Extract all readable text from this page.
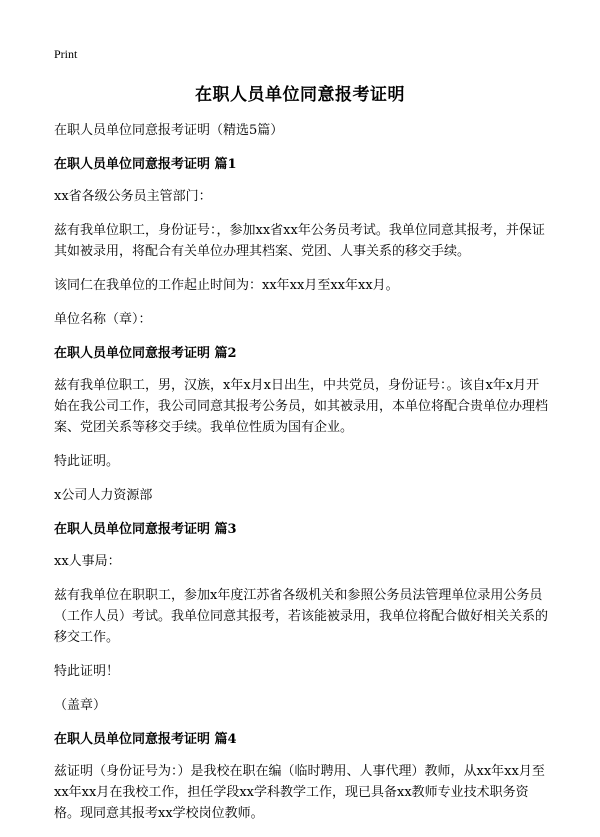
Print
在职人员单位同意报考证明
在职人员单位同意报考证明（精选5篇）
在职人员单位同意报考证明 篇1
xx省各级公务员主管部门：
兹有我单位职工，身份证号：，参加xx省xx年公务员考试。我单位同意其报考，并保证其如被录用，将配合有关单位办理其档案、党团、人事关系的移交手续。
该同仁在我单位的工作起止时间为：xx年xx月至xx年xx月。
单位名称（章）：
在职人员单位同意报考证明 篇2
兹有我单位职工，男，汉族，x年x月x日出生，中共党员，身份证号：。该自x年x月开始在我公司工作，我公司同意其报考公务员，如其被录用，本单位将配合贵单位办理档案、党团关系等移交手续。我单位性质为国有企业。
特此证明。
x公司人力资源部
在职人员单位同意报考证明 篇3
xx人事局：
兹有我单位在职职工，参加x年度江苏省各级机关和参照公务员法管理单位录用公务员（工作人员）考试。我单位同意其报考，若该能被录用，我单位将配合做好相关关系的移交工作。
特此证明！
（盖章）
在职人员单位同意报考证明 篇4
兹证明（身份证号为：）是我校在职在编（临时聘用、人事代理）教师，从xx年xx月至xx年xx月在我校工作，担任学段xx学科教学工作，现已具备xx教师专业技术职务资格。现同意其报考xx学校岗位教师。
